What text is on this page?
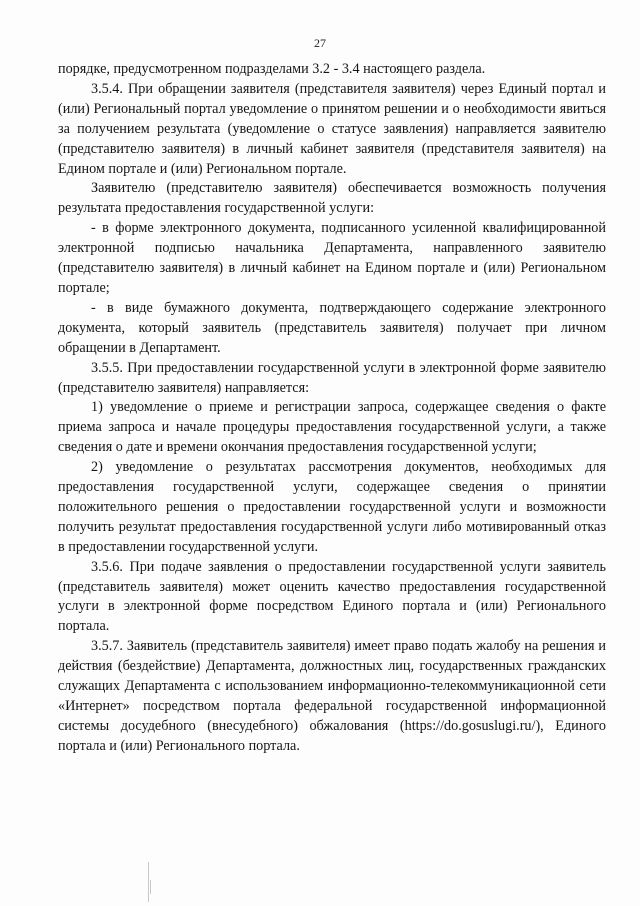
27

порядке, предусмотренном подразделами 3.2 - 3.4 настоящего раздела.

3.5.4. При обращении заявителя (представителя заявителя) через Единый портал и (или) Региональный портал уведомление о принятом решении и о необходимости явиться за получением результата (уведомление о статусе заявления) направляется заявителю (представителю заявителя) в личный кабинет заявителя (представителя заявителя) на Едином портале и (или) Региональном портале.

Заявителю (представителю заявителя) обеспечивается возможность получения результата предоставления государственной услуги:

- в форме электронного документа, подписанного усиленной квалифицированной электронной подписью начальника Департамента, направленного заявителю (представителю заявителя) в личный кабинет на Едином портале и (или) Региональном портале;

- в виде бумажного документа, подтверждающего содержание электронного документа, который заявитель (представитель заявителя) получает при личном обращении в Департамент.

3.5.5. При предоставлении государственной услуги в электронной форме заявителю (представителю заявителя) направляется:

1) уведомление о приеме и регистрации запроса, содержащее сведения о факте приема запроса и начале процедуры предоставления государственной услуги, а также сведения о дате и времени окончания предоставления государственной услуги;

2) уведомление о результатах рассмотрения документов, необходимых для предоставления государственной услуги, содержащее сведения о принятии положительного решения о предоставлении государственной услуги и возможности получить результат предоставления государственной услуги либо мотивированный отказ в предоставлении государственной услуги.

3.5.6. При подаче заявления о предоставлении государственной услуги заявитель (представитель заявителя) может оценить качество предоставления государственной услуги в электронной форме посредством Единого портала и (или) Регионального портала.

3.5.7. Заявитель (представитель заявителя) имеет право подать жалобу на решения и действия (бездействие) Департамента, должностных лиц, государственных гражданских служащих Департамента с использованием информационно-телекоммуникационной сети «Интернет» посредством портала федеральной государственной информационной системы досудебного (внесудебного) обжалования (https://do.gosuslugi.ru/), Единого портала и (или) Регионального портала.
